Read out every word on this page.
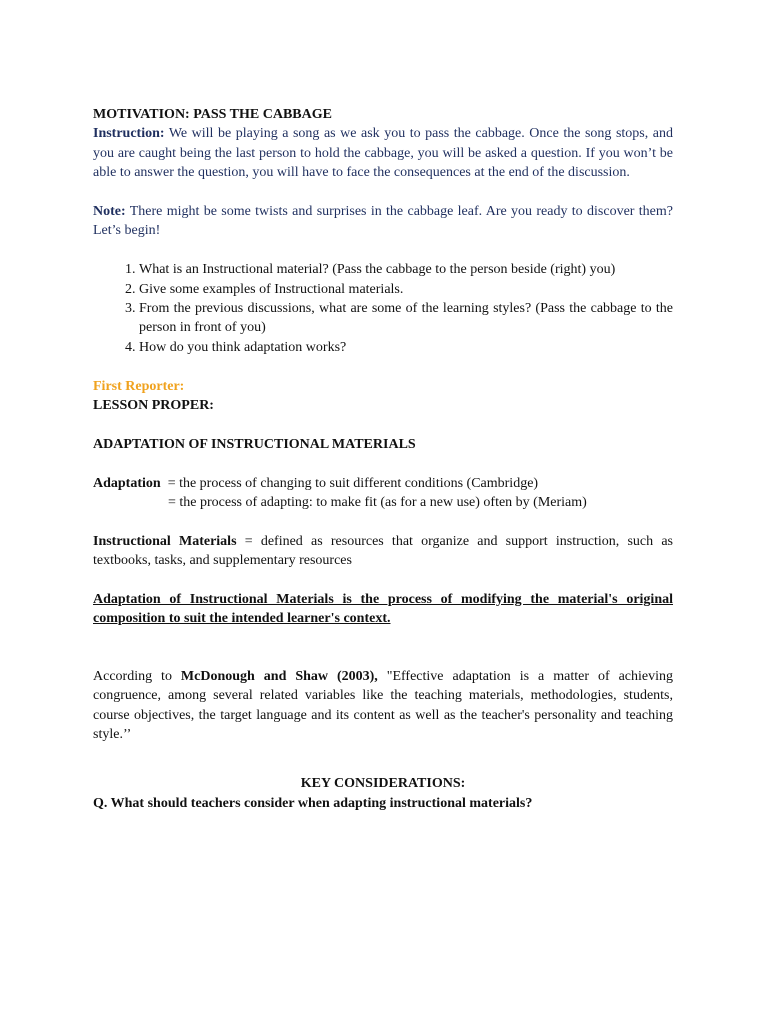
MOTIVATION: PASS THE CABBAGE
Instruction: We will be playing a song as we ask you to pass the cabbage. Once the song stops, and you are caught being the last person to hold the cabbage, you will be asked a question. If you won’t be able to answer the question, you will have to face the consequences at the end of the discussion.
Note: There might be some twists and surprises in the cabbage leaf. Are you ready to discover them? Let’s begin!
1. What is an Instructional material? (Pass the cabbage to the person beside (right) you)
2. Give some examples of Instructional materials.
3. From the previous discussions, what are some of the learning styles? (Pass the cabbage to the person in front of you)
4. How do you think adaptation works?
First Reporter:
LESSON PROPER:
ADAPTATION OF INSTRUCTIONAL MATERIALS
Adaptation  = the process of changing to suit different conditions (Cambridge)
= the process of adapting: to make fit (as for a new use) often by (Meriam)
Instructional Materials = defined as resources that organize and support instruction, such as textbooks, tasks, and supplementary resources
Adaptation of Instructional Materials is the process of modifying the material's original composition to suit the intended learner's context.
According to McDonough and Shaw (2003), "Effective adaptation is a matter of achieving congruence, among several related variables like the teaching materials, methodologies, students, course objectives, the target language and its content as well as the teacher's personality and teaching style.’’
KEY CONSIDERATIONS:
Q. What should teachers consider when adapting instructional materials?
